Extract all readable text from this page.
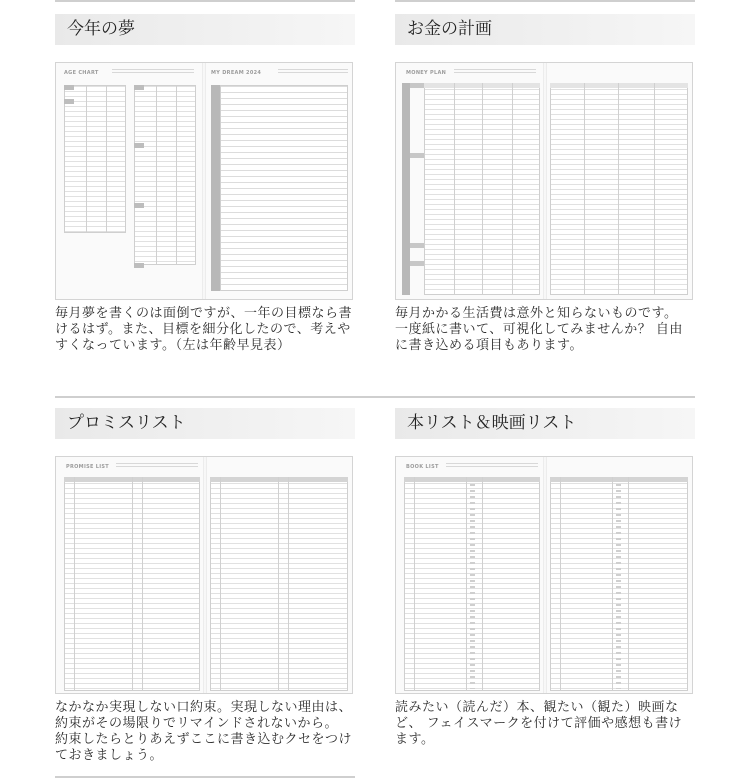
今年の夢
AGE CHART	MY DREAM 2024
毎月夢を書くのは面倒ですが、一年の目標なら書けるはず。また、目標を細分化したので、考えやすくなっています。（左は年齢早見表）
お金の計画
MONEY PLAN
毎月かかる生活費は意外と知らないものです。 一度紙に書いて、可視化してみませんか？ 自由に書き込める項目もあります。
プロミスリスト
PROMISE LIST
なかなか実現しない口約束。実現しない理由は、 約束がその場限りでリマインドされないから。 約束したらとりあえずここに書き込むクセをつけておきましょう。
本リスト＆映画リスト
BOOK LIST
読みたい（読んだ）本、観たい（観た）映画など、 フェイスマークを付けて評価や感想も書けます。
